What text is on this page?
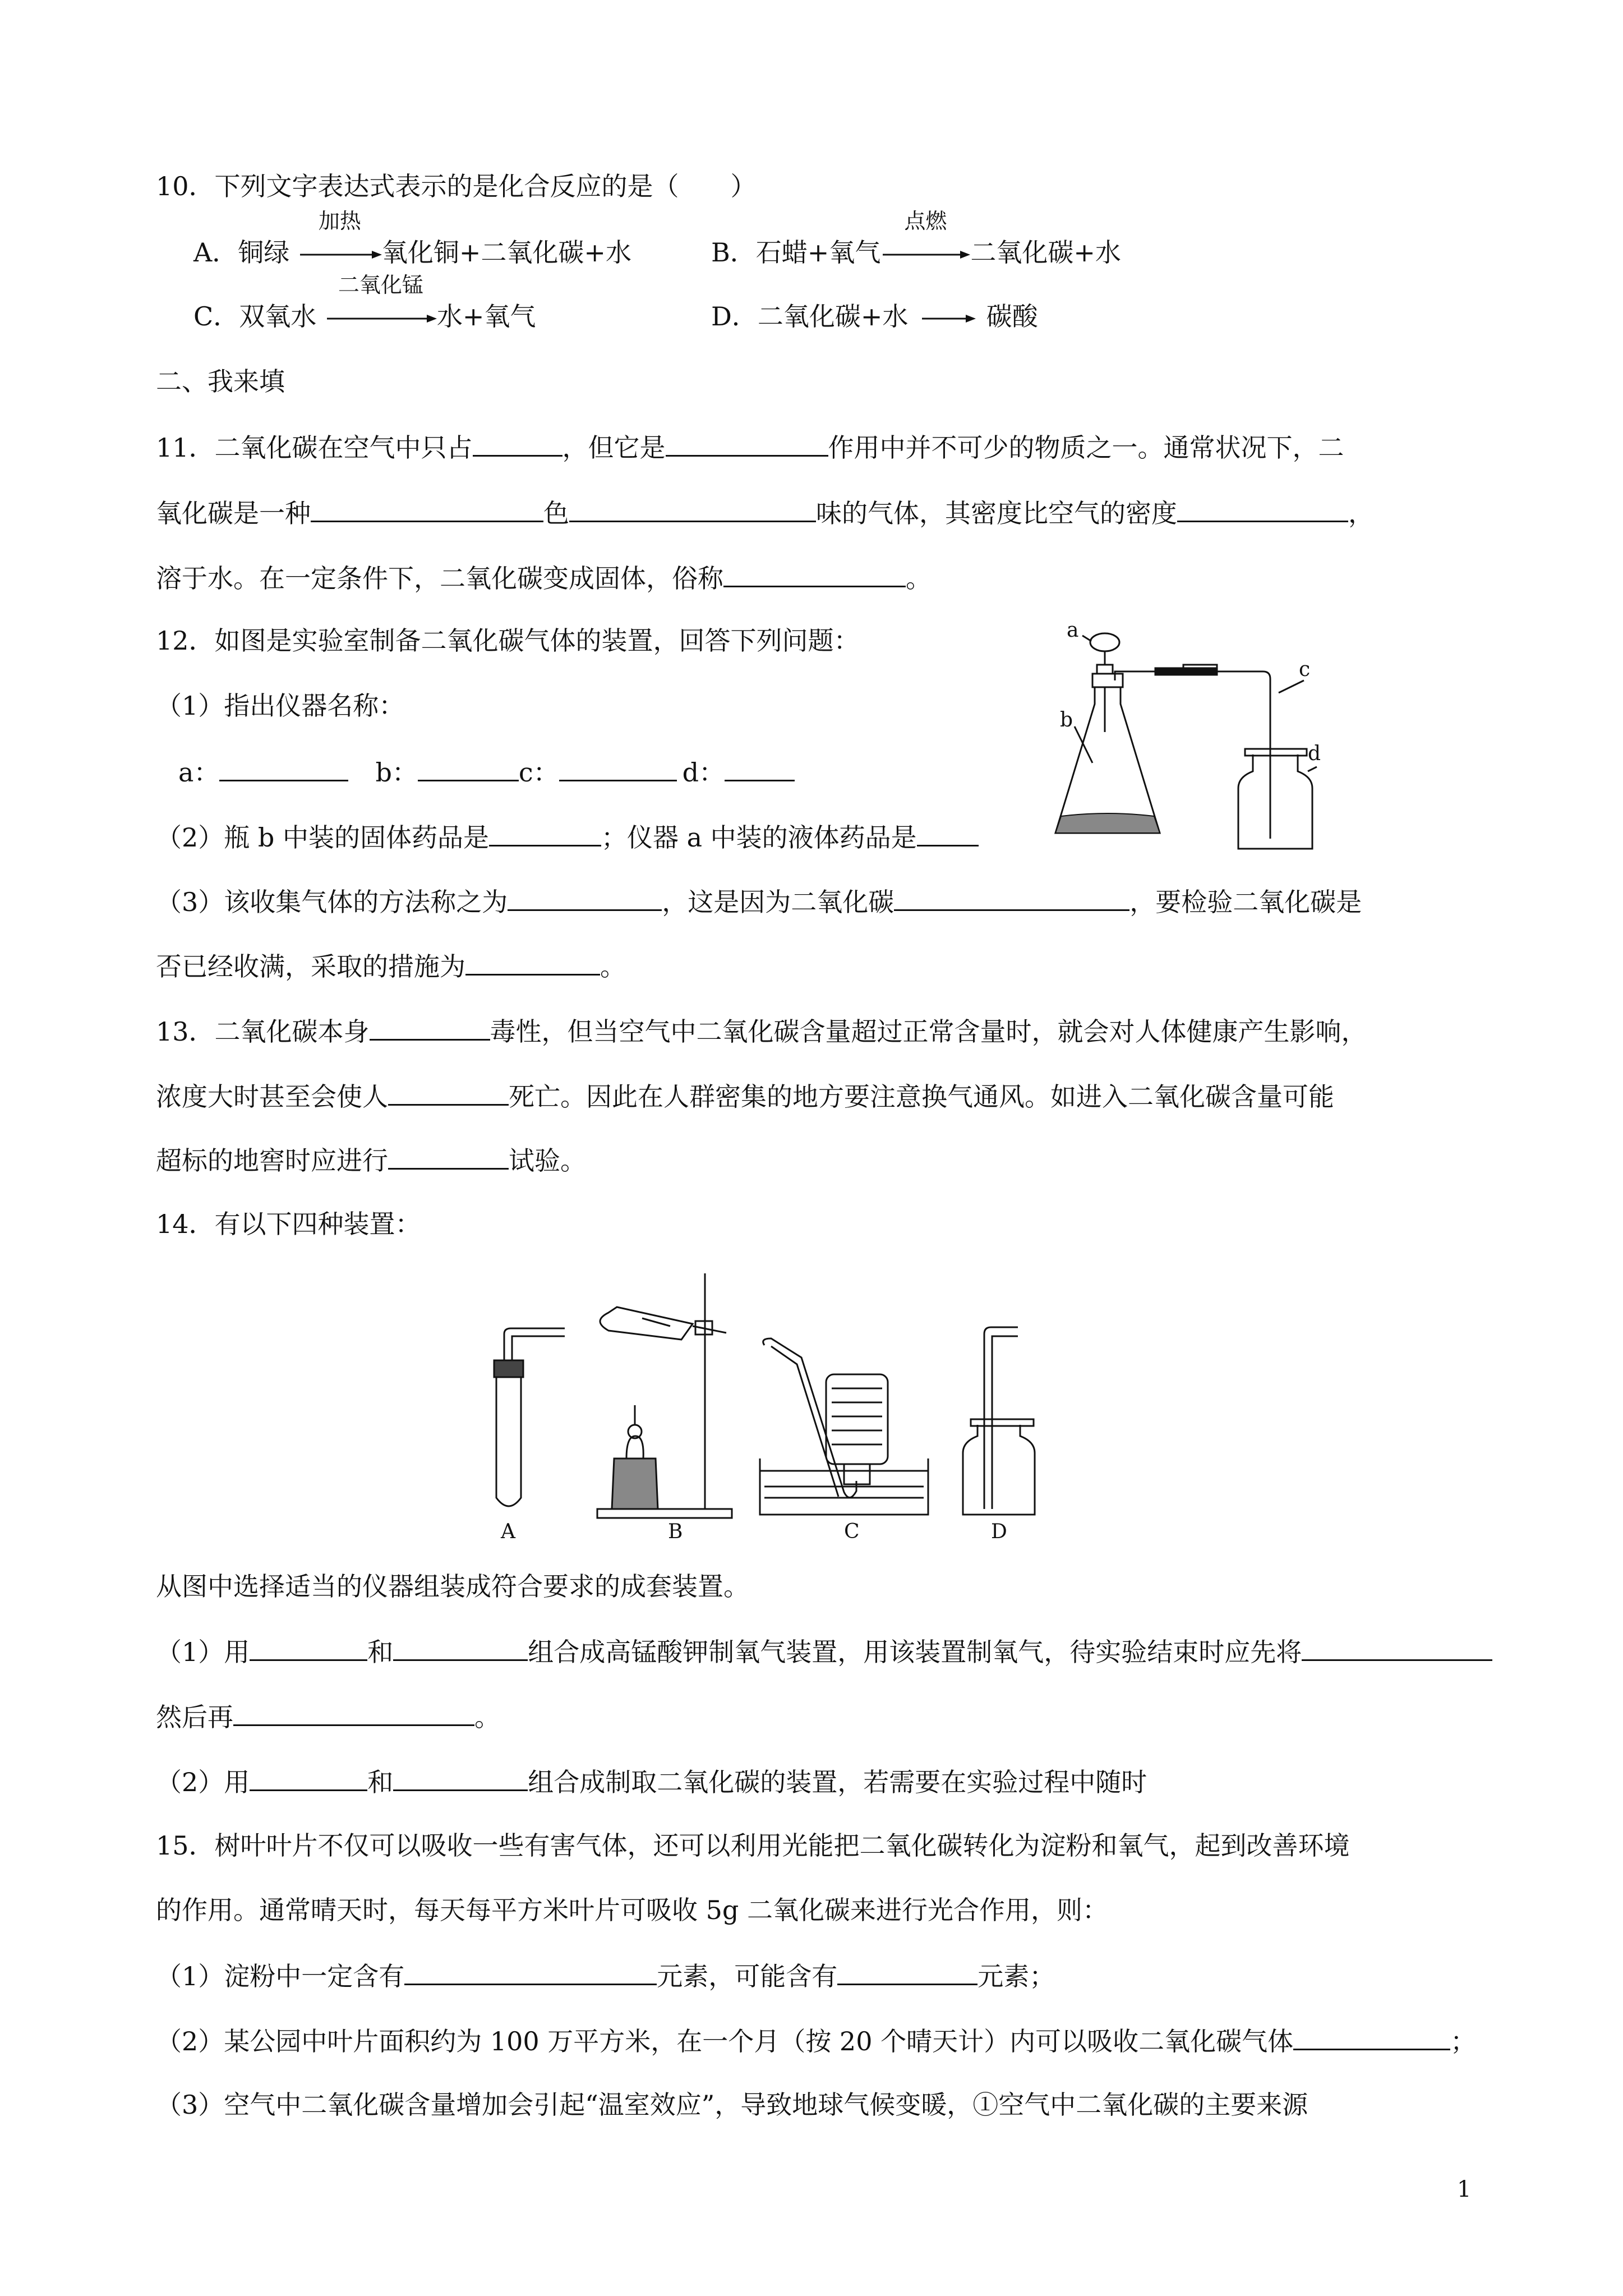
10．下列文字表达式表示的是化合反应的是（　　）
A．铜绿
加热
氧化铜+二氧化碳+水	B．石蜡+氧气
点燃
二氧化碳+水
C．双氧水
二氧化锰
水+氧气	D．二氧化碳+水 → 碳酸
二、我来填
11．二氧化碳在空气中只占	，但它是	作用中并不可少的物质之一。通常状况下，二
氧化碳是一种	色	味的气体，其密度比空气的密度	，
溶于水。在一定条件下，二氧化碳变成固体，俗称	。
12．如图是实验室制备二氧化碳气体的装置，回答下列问题：
（1）指出仪器名称：
a：	b：	c：	d：
（2）瓶 b 中装的固体药品是	；仪器 a 中装的液体药品是
（3）该收集气体的方法称之为	，这是因为二氧化碳	，要检验二氧化碳是
否已经收满，采取的措施为	。
a
b
c
d
13．二氧化碳本身	毒性，但当空气中二氧化碳含量超过正常含量时，就会对人体健康产生影响，
浓度大时甚至会使人	死亡。因此在人群密集的地方要注意换气通风。如进入二氧化碳含量可能
超标的地窖时应进行	试验。
14．有以下四种装置：
A	B	C	D
从图中选择适当的仪器组装成符合要求的成套装置。
（1）用	和	组合成高锰酸钾制氧气装置，用该装置制氧气，待实验结束时应先将
然后再	。
（2）用	和	组合成制取二氧化碳的装置，若需要在实验过程中随时
15．树叶叶片不仅可以吸收一些有害气体，还可以利用光能把二氧化碳转化为淀粉和氧气，起到改善环境
的作用。通常晴天时，每天每平方米叶片可吸收 5g 二氧化碳来进行光合作用，则：
（1）淀粉中一定含有	元素，可能含有	元素；
（2）某公园中叶片面积约为 100 万平方米，在一个月（按 20 个晴天计）内可以吸收二氧化碳气体	；
（3）空气中二氧化碳含量增加会引起“温室效应”，导致地球气候变暖，①空气中二氧化碳的主要来源
1
